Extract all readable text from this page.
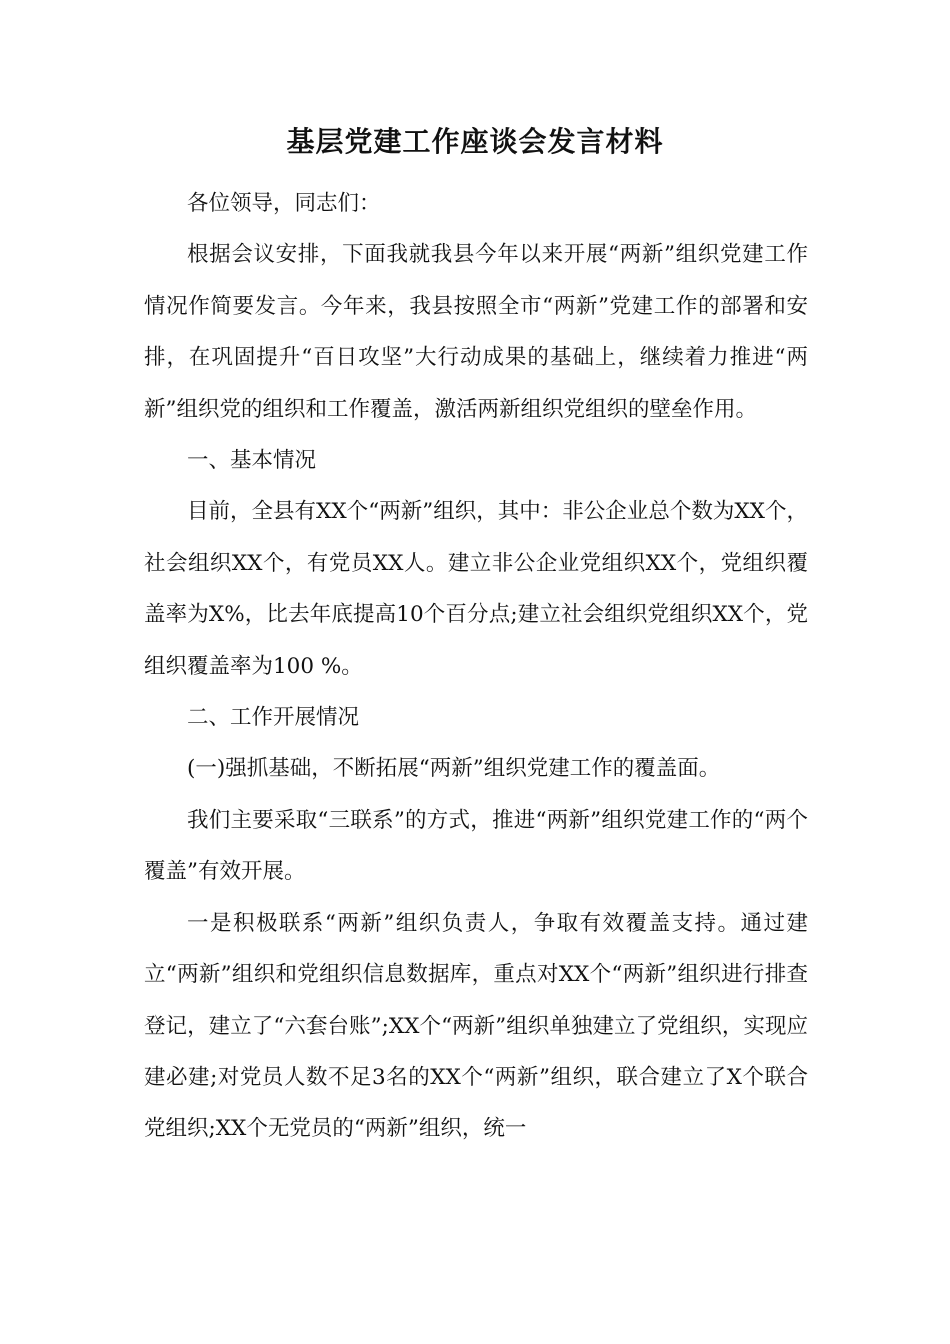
基层党建工作座谈会发言材料

各位领导，同志们：

根据会议安排，下面我就我县今年以来开展“两新”组织党建工作情况作简要发言。今年来，我县按照全市“两新”党建工作的部署和安排，在巩固提升“百日攻坚”大行动成果的基础上，继续着力推进“两新”组织党的组织和工作覆盖，激活两新组织党组织的壁垒作用。

一、基本情况

目前，全县有XX个“两新”组织，其中：非公企业总个数为XX个，社会组织XX个，有党员XX人。建立非公企业党组织XX个，党组织覆盖率为X%，比去年底提高10个百分点;建立社会组织党组织XX个，党组织覆盖率为100 %。

二、工作开展情况

(一)强抓基础，不断拓展“两新”组织党建工作的覆盖面。

我们主要采取“三联系”的方式，推进“两新”组织党建工作的“两个覆盖”有效开展。

一是积极联系“两新”组织负责人，争取有效覆盖支持。通过建立“两新”组织和党组织信息数据库，重点对XX个“两新”组织进行排查登记，建立了“六套台账”;XX个“两新”组织单独建立了党组织，实现应建必建;对党员人数不足3名的XX个“两新”组织，联合建立了X个联合党组织;XX个无党员的“两新”组织，统一
